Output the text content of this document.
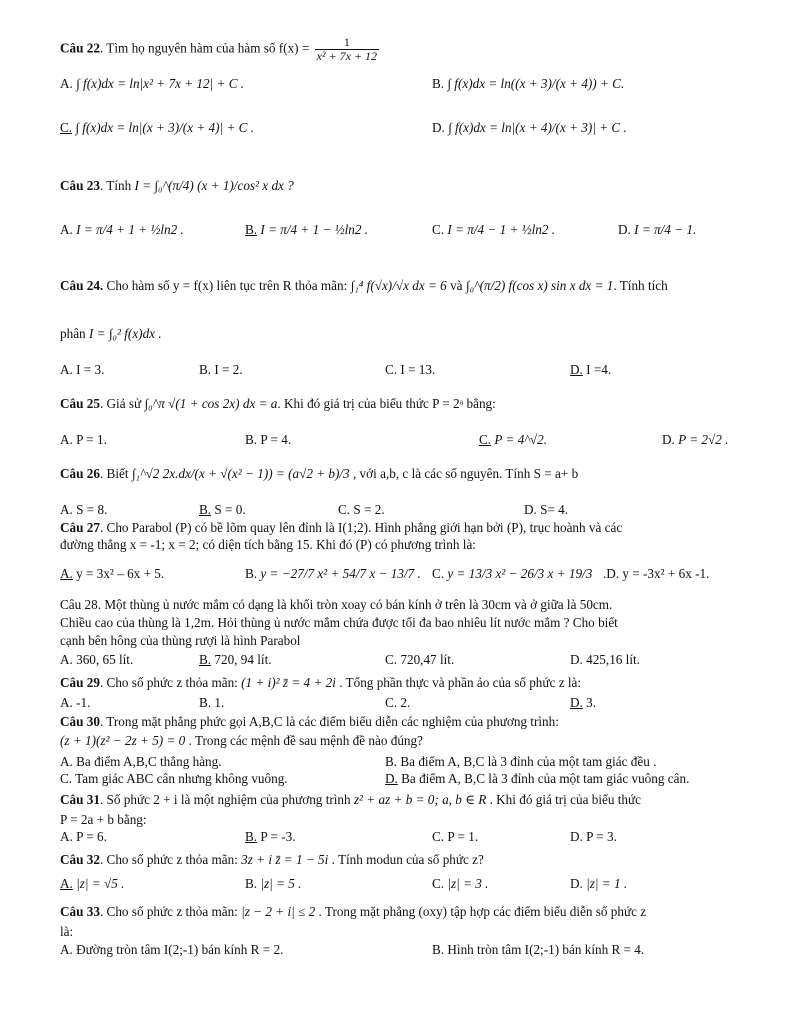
Câu 22. Tìm họ nguyên hàm của hàm số $f(x) = \frac{1}{\text{x² + 7x + 12}}$
A. ∫ f(x)dx = ln|x² + 7x + 12| + C .	B. ∫ f(x)dx = ln((x + 3)/(x + 4)) + C.
C. ∫ f(x)dx = ln|(x + 3)/(x + 4)| + C .	D. ∫ f(x)dx = ln|(x + 4)/(x + 3)| + C .
Câu 23. Tính I = ∫₀^(π/4) (x + 1)/cos² x dx ?
A. I = π/4 + 1 + ½ln2 .	B. I = π/4 + 1 − ½ln2 .	C. I = π/4 − 1 + ½ln2 .	D. I = π/4 − 1.
Câu 24. Cho hàm số y = f(x) liên tục trên R thỏa mãn: ∫₁⁴ f(√x)/√x dx = 6 và ∫₀^(π/2) f(cos x) sin x dx = 1. Tính tích
phân I = ∫₀² f(x)dx .
A. I = 3.	B. I = 2.	C. I = 13.	D. I =4.
Câu 25. Giả sử ∫₀^π √(1 + cos 2x) dx = a. Khi đó giá trị của biểu thức P = 2ᵃ bằng:
A. P = 1.	B. P = 4.	C. P = 4^√2.	D. P = 2√2 .
Câu 26. Biết ∫₁^√2 2x.dx/(x + √(x² − 1)) = (a√2 + b)/3 , với a,b, c là các số nguyên. Tính S = a+ b
A. S = 8.	B. S = 0.	C. S = 2.	D. S= 4.
Câu 27. Cho Parabol (P) có bề lõm quay lên đỉnh là I(1;2). Hình phẳng giới hạn bởi (P), trục hoành và các
đường thẳng x = -1; x = 2; có diện tích bằng 15. Khi đó (P) có phương trình là:
A. y = 3x² – 6x + 5.	B. y = −27/7 x² + 54/7 x − 13/7 . C. y = 13/3 x² − 26/3 x + 19/3 .D. y = -3x² + 6x -1.
Câu 28. Một thùng ủ nước mắm có dạng là khối tròn xoay có bán kính ở trên là 30cm và ở giữa là 50cm.
Chiều cao của thùng là 1,2m. Hỏi thùng ủ nước mắm chứa được tối đa bao nhiêu lít nước mắm ? Cho biết
cạnh bên hông của thùng rượi là hình Parabol
A. 360, 65 lít.	B. 720, 94 lít.	C. 720,47 lít.	D. 425,16 lít.
Câu 29. Cho số phức z thỏa mãn: (1 + i)² z̄ = 4 + 2i . Tổng phần thực và phần ảo của số phức z là:
A. -1.	B. 1.	C. 2.	D. 3.
Câu 30. Trong mặt phẳng phức gọi A,B,C là các điểm biểu diễn các nghiệm của phương trình:
(z + 1)(z² − 2z + 5) = 0 . Trong các mệnh đề sau mệnh đề nào đúng?
A. Ba điểm A,B,C thẳng hàng.	B. Ba điểm A, B,C là 3 đỉnh của một tam giác đều .
C. Tam giác ABC cân nhưng không vuông.	D. Ba điểm A, B,C là 3 đỉnh của một tam giác vuông cân.
Câu 31. Số phức 2 + i là một nghiệm của phương trình z² + az + b = 0; a, b ∈ R . Khi đó giá trị của biểu thức
P = 2a + b bằng:
A. P = 6.	B. P = -3.	C. P = 1.	D. P = 3.
Câu 32. Cho số phức z thỏa mãn: 3z + i z̄ = 1 − 5i . Tính modun của số phức z?
A. |z| = √5 .	B. |z| = 5 .	C. |z| = 3 .	D. |z| = 1 .
Câu 33. Cho số phức z thỏa mãn: |z − 2 + i| ≤ 2 . Trong mặt phẳng (oxy) tập hợp các điểm biểu diễn số phức z
là:
A. Đường tròn tâm I(2;-1) bán kính R = 2.	B. Hình tròn tâm I(2;-1) bán kính R = 4.
